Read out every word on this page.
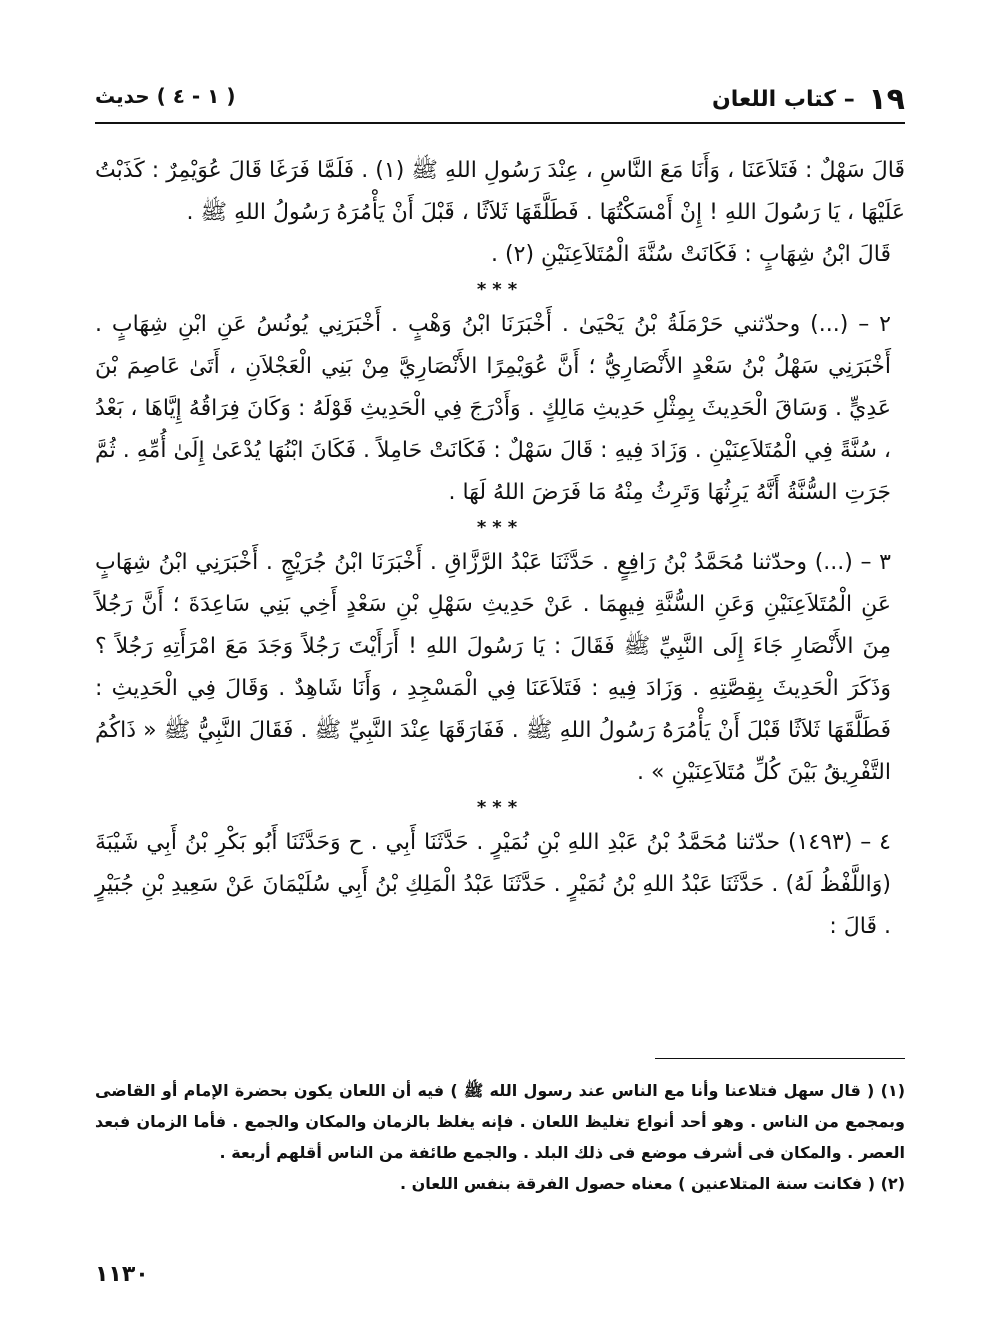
١٩ – كتاب اللعان
( ١ - ٤ ) حديث

قَالَ سَهْلٌ : فَتَلاَعَنَا ، وَأَنَا مَعَ النَّاسِ ، عِنْدَ رَسُولِ اللهِ ﷺ (١) . فَلَمَّا فَرَغَا قَالَ عُوَيْمِرٌ : كَذَبْتُ عَلَيْهَا ، يَا رَسُولَ اللهِ ! إِنْ أَمْسَكْتُهَا . فَطَلَّقَهَا ثَلاَثًا ، قَبْلَ أَنْ يَأْمُرَهُ رَسُولُ اللهِ ﷺ .

قَالَ ابْنُ شِهَابٍ : فَكَانَتْ سُنَّةَ الْمُتَلاَعِنَيْنِ (٢) .

***

٢ – (...) وحدّثني حَرْمَلَةُ بْنُ يَحْيَىٰ . أَخْبَرَنَا ابْنُ وَهْبٍ . أَخْبَرَنِي يُونُسُ عَنِ ابْنِ شِهَابٍ . أَخْبَرَنِي سَهْلُ بْنُ سَعْدٍ الأَنْصَارِيُّ ؛ أَنَّ عُوَيْمِرًا الأَنْصَارِيَّ مِنْ بَنِي الْعَجْلاَنِ ، أَتَىٰ عَاصِمَ بْنَ عَدِيٍّ . وَسَاقَ الْحَدِيثَ بِمِثْلِ حَدِيثِ مَالِكٍ . وَأَدْرَجَ فِي الْحَدِيثِ قَوْلَهُ : وَكَانَ فِرَاقُهُ إِيَّاهَا ، بَعْدُ ، سُنَّةً فِي الْمُتَلاَعِنَيْنِ . وَزَادَ فِيهِ : قَالَ سَهْلٌ : فَكَانَتْ حَامِلاً . فَكَانَ ابْنُهَا يُدْعَىٰ إِلَىٰ أُمِّهِ . ثُمَّ جَرَتِ السُّنَّةُ أَنَّهُ يَرِثُهَا وَتَرِثُ مِنْهُ مَا فَرَضَ اللهُ لَهَا .

***

٣ – (...) وحدّثنا مُحَمَّدُ بْنُ رَافِعٍ . حَدَّثَنَا عَبْدُ الرَّزَّاقِ . أَخْبَرَنَا ابْنُ جُرَيْجٍ . أَخْبَرَنِي ابْنُ شِهَابٍ عَنِ الْمُتَلاَعِنَيْنِ وَعَنِ السُّنَّةِ فِيهِمَا . عَنْ حَدِيثِ سَهْلِ بْنِ سَعْدٍ أَخِي بَنِي سَاعِدَةَ ؛ أَنَّ رَجُلاً مِنَ الأَنْصَارِ جَاءَ إِلَى النَّبِيِّ ﷺ فَقَالَ : يَا رَسُولَ اللهِ ! أَرَأَيْتَ رَجُلاً وَجَدَ مَعَ امْرَأَتِهِ رَجُلاً ؟ وَذَكَرَ الْحَدِيثَ بِقِصَّتِهِ . وَزَادَ فِيهِ : فَتَلاَعَنَا فِي الْمَسْجِدِ ، وَأَنَا شَاهِدٌ . وَقَالَ فِي الْحَدِيثِ : فَطَلَّقَهَا ثَلاَثًا قَبْلَ أَنْ يَأْمُرَهُ رَسُولُ اللهِ ﷺ . فَفَارَقَهَا عِنْدَ النَّبِيِّ ﷺ . فَقَالَ النَّبِيُّ ﷺ « ذَاكُمُ التَّفْرِيقُ بَيْنَ كُلِّ مُتَلاَعِنَيْنِ » .

***

٤ – (١٤٩٣) حدّثنا مُحَمَّدُ بْنُ عَبْدِ اللهِ بْنِ نُمَيْرٍ . حَدَّثَنَا أَبِي . ح وَحَدَّثَنَا أَبُو بَكْرِ بْنُ أَبِي شَيْبَةَ (وَاللَّفْظُ لَهُ) . حَدَّثَنَا عَبْدُ اللهِ بْنُ نُمَيْرٍ . حَدَّثَنَا عَبْدُ الْمَلِكِ بْنُ أَبِي سُلَيْمَانَ عَنْ سَعِيدِ بْنِ جُبَيْرٍ . قَالَ :

(١) ( قال سهل فتلاعنا وأنا مع الناس عند رسول الله ﷺ ) فيه أن اللعان يكون بحضرة الإمام أو القاضى وبمجمع من الناس . وهو أحد أنواع تغليظ اللعان . فإنه يغلظ بالزمان والمكان والجمع . فأما الزمان فبعد العصر . والمكان فى أشرف موضع فى ذلك البلد . والجمع طائفة من الناس أقلهم أربعة .

(٢) ( فكانت سنة المتلاعنين ) معناه حصول الفرقة بنفس اللعان .

١١٣٠
